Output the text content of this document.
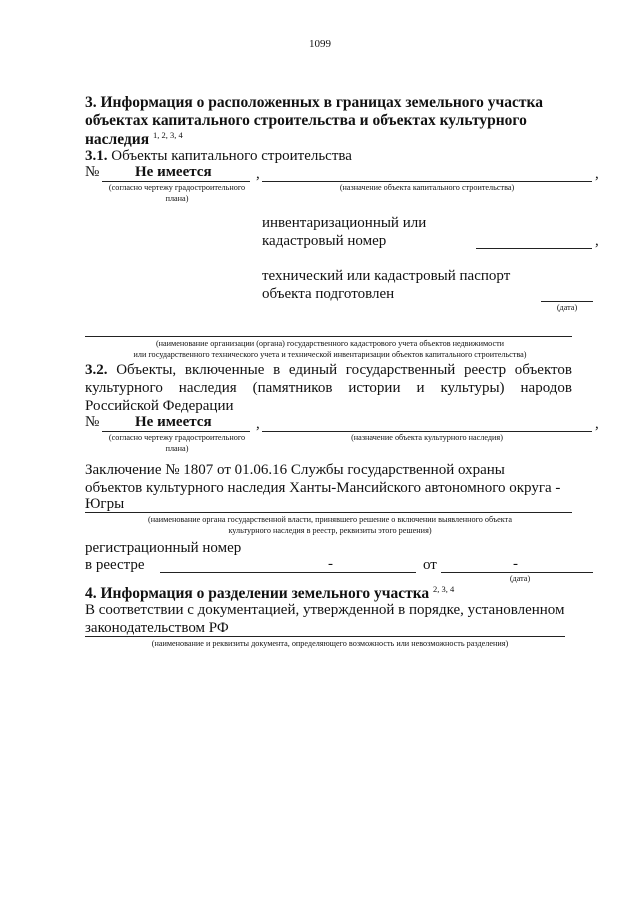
1099
3. Информация о расположенных в границах земельного участка
объектах капитального строительства и объектах культурного
наследия $^{1, 2, 3, 4}$
3.1. Объекты капитального строительства
№ Не имеется	,	,
(согласно чертежу градостроительного плана)
(назначение объекта капитального строительства)
инвентаризационный или
кадастровый номер	,
технический или кадастровый паспорт
объекта подготовлен
(дата)
(наименование организации (органа) государственного кадастрового учета объектов недвижимости
или государственного технического учета и технической инвентаризации объектов капитального строительства)
3.2. Объекты, включенные в единый государственный реестр объектов
культурного наследия (памятников истории и культуры) народов
Российской Федерации
№ Не имеется	,	,
(согласно чертежу градостроительного плана)
(назначение объекта культурного наследия)
Заключение № 1807 от 01.06.16 Службы государственной охраны
объектов культурного наследия Ханты-Мансийского автономного округа -
Югры
(наименование органа государственной власти, принявшего решение о включении выявленного объекта
культурного наследия в реестр, реквизиты этого решения)
регистрационный номер
в реестре	-	от	-
(дата)
4. Информация о разделении земельного участка $^{2, 3, 4}$
В соответствии с документацией, утвержденной в порядке, установленном
законодательством РФ
(наименование и реквизиты документа, определяющего возможность или невозможность разделения)
